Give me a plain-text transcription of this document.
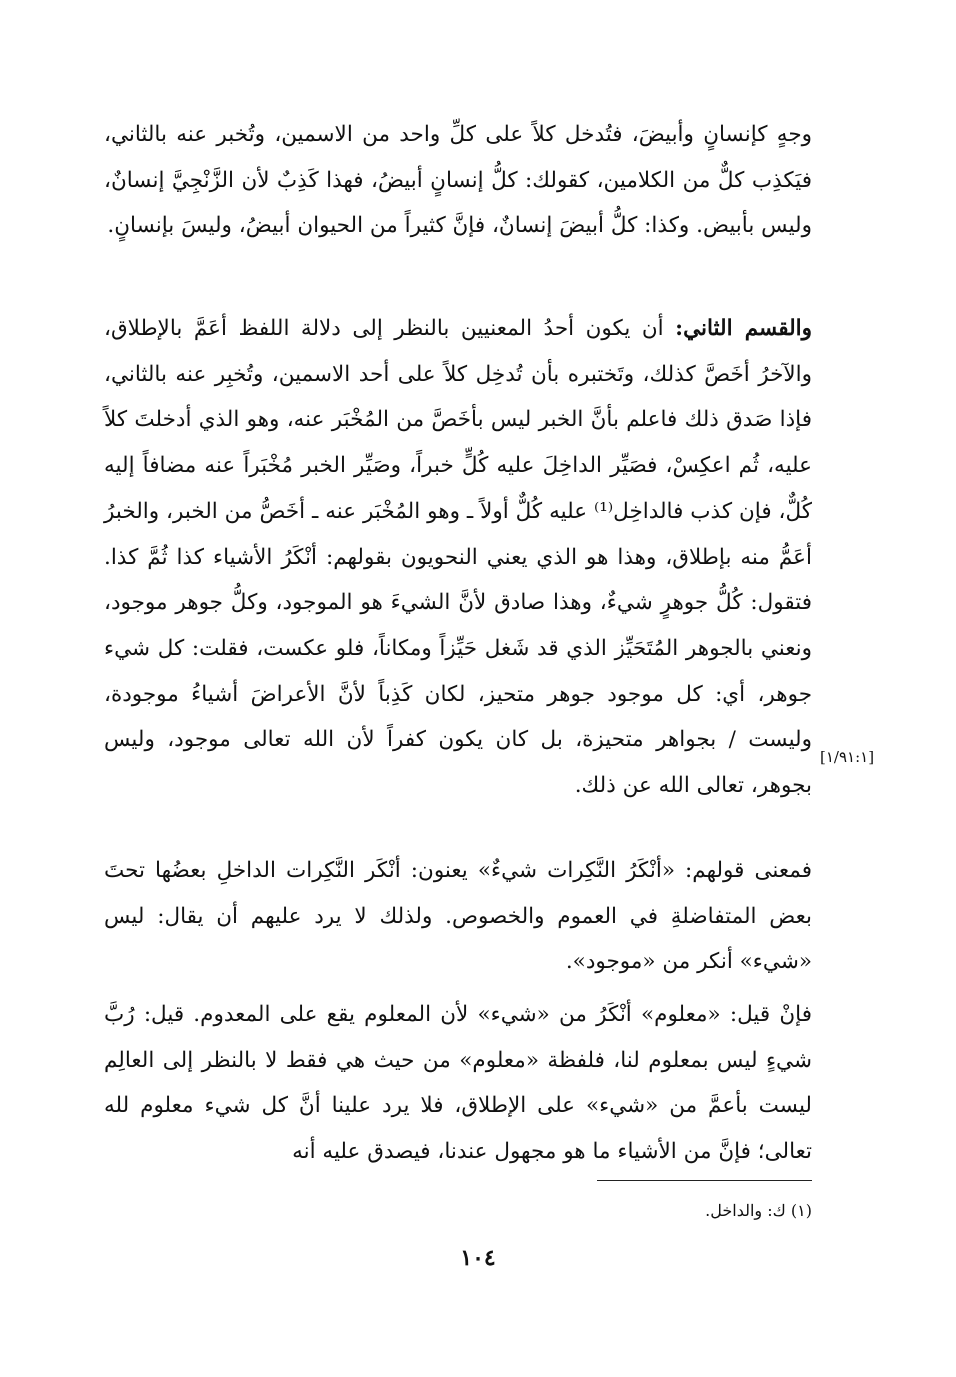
وجهٍ كإنسانٍ وأبيضَ، فتُدخل كلاً على كلِّ واحد من الاسمين، وتُخبر عنه بالثاني، فيَكذِب كلٌّ من الكلامين، كقولك: كلُّ إنسانٍ أبيضُ، فهذا كَذِبٌ لأن الزَّنْجِيَّ إنسانٌ، وليس بأبيض. وكذا: كلُّ أبيضَ إنسانٌ، فإنَّ كثيراً من الحيوان أبيضُ، وليسَ بإنسانٍ.

والقسم الثاني: أن يكون أحدُ المعنيين بالنظر إلى دلالة اللفظ أعَمَّ بالإطلاق، والآخرُ أخَصَّ كذلك، وتَختبره بأن تُدخِل كلاً على أحد الاسمين، وتُخبِر عنه بالثاني، فإذا صَدق ذلك فاعلم بأنَّ الخبر ليس بأخَصَّ من المُخْبَر عنه، وهو الذي أدخلتَ كلاً عليه، ثُم اعكِسْ، فصَيِّر الداخِلَ عليه كُلٍّ خبراً، وصَيِّر الخبر مُخْبَراً عنه مضافاً إليه كُلٌّ، فإن كذب فالداخِل⁽¹⁾ عليه كُلٌّ أولاً ـ وهو المُخْبَر عنه ـ أخَصُّ من الخبر، والخبرُ أعَمُّ منه بإطلاق، وهذا هو الذي يعني النحويون بقولهم: أنْكَرُ الأشياء كذا ثُمَّ كذا. فتقول: كُلُّ جوهرٍ شيءٌ، وهذا صادق لأنَّ الشيءَ هو الموجود، وكلُّ جوهر موجود، ونعني بالجوهر المُتَحَيِّز الذي قد شَغل حَيِّزاً ومكاناً، فلو عكست، فقلت: كل شيء جوهر، أي: كل موجود جوهر متحيز، لكان كَذِباً لأنَّ الأعراضَ أشياءُ موجودة، وليست / بجواهر متحيزة، بل كان يكون كفراً لأن الله تعالى موجود، وليس بجوهر، تعالى الله عن ذلك.

[١/٩١:١]

فمعنى قولهم: «أنْكَرُ النَّكِرات شيءٌ» يعنون: أنْكَر النَّكِرات الداخلِ بعضُها تحتَ بعض المتفاضلةِ في العموم والخصوص. ولذلك لا يرد عليهم أن يقال: ليس «شيء» أنكر من «موجود».

فإنْ قيل: «معلوم» أنْكَرُ من «شيء» لأن المعلوم يقع على المعدوم. قيل: رُبَّ شيءٍ ليس بمعلوم لنا، فلفظة «معلوم» من حيث هي فقط لا بالنظر إلى العالِم ليست بأعمَّ من «شيء» على الإطلاق، فلا يرد علينا أنَّ كل شيء معلوم لله تعالى؛ فإنَّ من الأشياء ما هو مجهول عندنا، فيصدق عليه أنه

(١) ك: والداخل.
١٠٤
